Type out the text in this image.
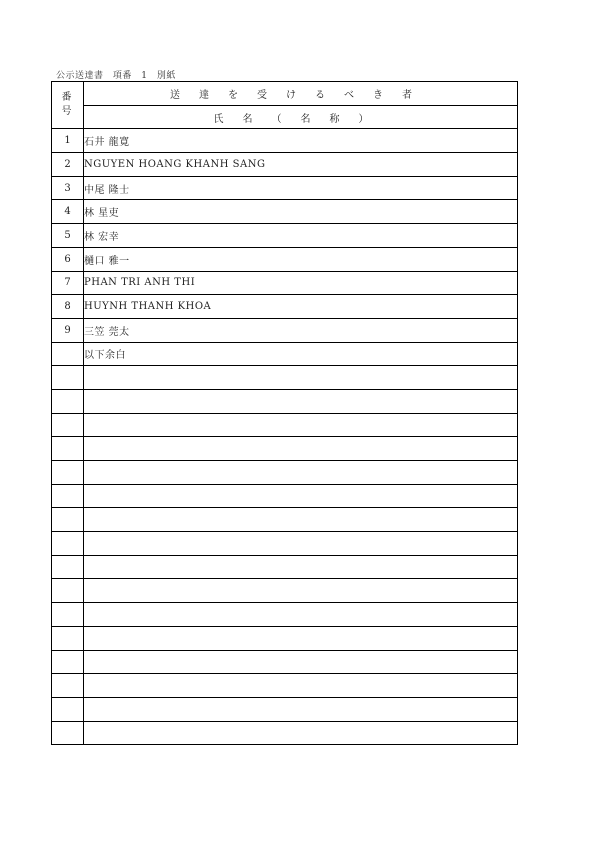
公示送達書 項番 1 別紙
番
号	送達を受けるべき者
	氏名（名称）
1	石井 龍寛
2	NGUYEN HOANG KHANH SANG
3	中尾 隆士
4	林 星吏
5	林 宏幸
6	樋口 雅一
7	PHAN TRI ANH THI
8	HUYNH THANH KHOA
9	三笠 莞太
	以下余白
